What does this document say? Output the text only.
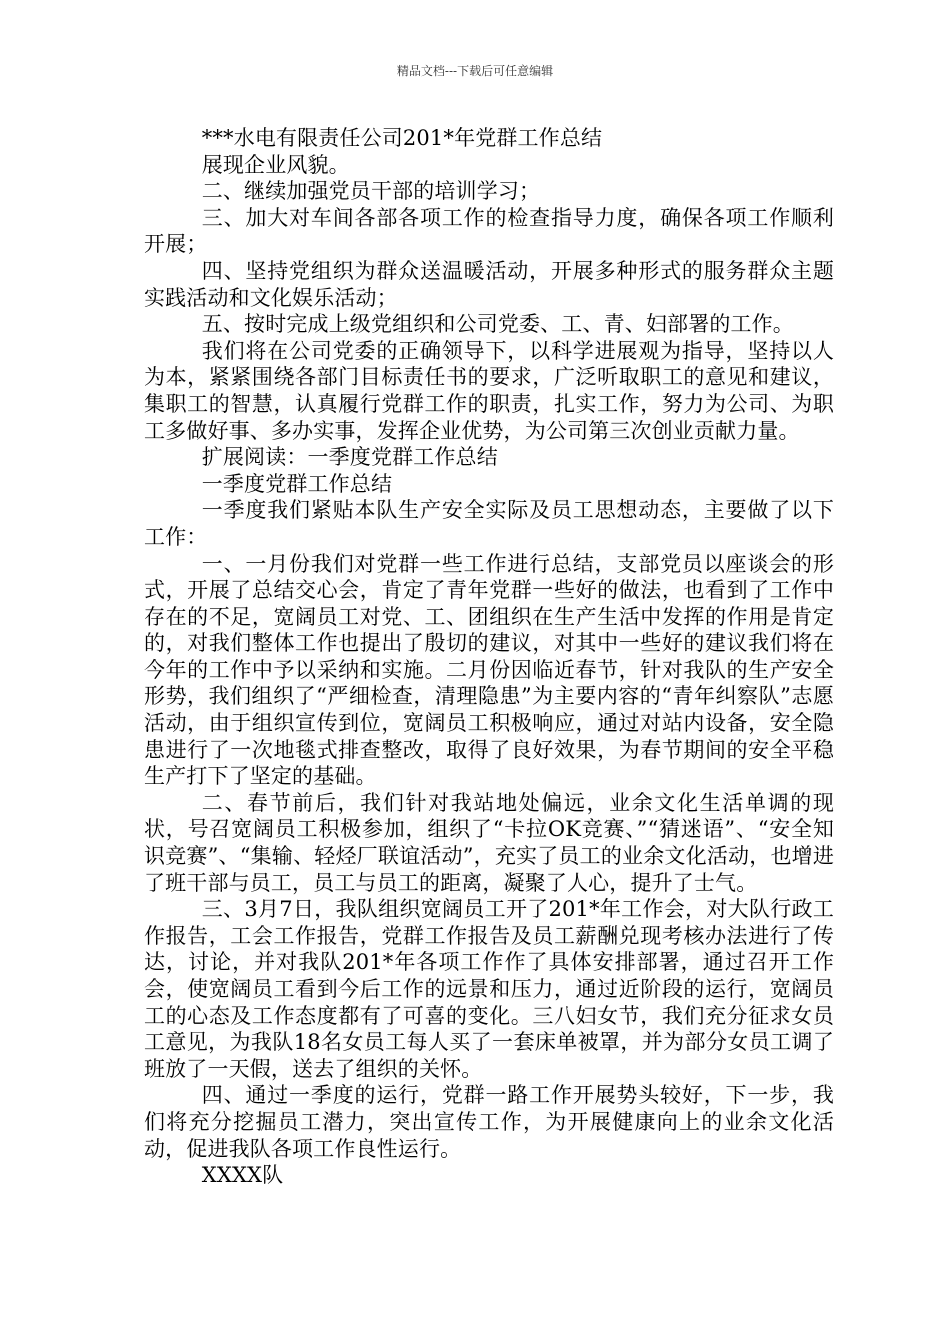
精品文档---下载后可任意编辑

***水电有限责任公司201*年党群工作总结

展现企业风貌。

二、继续加强党员干部的培训学习；

三、加大对车间各部各项工作的检查指导力度，确保各项工作顺利开展；

四、坚持党组织为群众送温暖活动，开展多种形式的服务群众主题实践活动和文化娱乐活动；

五、按时完成上级党组织和公司党委、工、青、妇部署的工作。

我们将在公司党委的正确领导下，以科学进展观为指导，坚持以人为本，紧紧围绕各部门目标责任书的要求，广泛听取职工的意见和建议，集职工的智慧，认真履行党群工作的职责，扎实工作，努力为公司、为职工多做好事、多办实事，发挥企业优势，为公司第三次创业贡献力量。

扩展阅读：一季度党群工作总结

一季度党群工作总结

一季度我们紧贴本队生产安全实际及员工思想动态，主要做了以下工作：

一、一月份我们对党群一些工作进行总结，支部党员以座谈会的形式，开展了总结交心会，肯定了青年党群一些好的做法，也看到了工作中存在的不足，宽阔员工对党、工、团组织在生产生活中发挥的作用是肯定的，对我们整体工作也提出了殷切的建议，对其中一些好的建议我们将在今年的工作中予以采纳和实施。二月份因临近春节，针对我队的生产安全形势，我们组织了“严细检查，清理隐患”为主要内容的“青年纠察队”志愿活动，由于组织宣传到位，宽阔员工积极响应，通过对站内设备，安全隐患进行了一次地毯式排查整改，取得了良好效果，为春节期间的安全平稳生产打下了坚定的基础。

二、春节前后，我们针对我站地处偏远，业余文化生活单调的现状，号召宽阔员工积极参加，组织了“卡拉OK竞赛、”“猜迷语”、“安全知识竞赛”、“集输、轻烃厂联谊活动”，充实了员工的业余文化活动，也增进了班干部与员工，员工与员工的距离，凝聚了人心，提升了士气。

三、3月7日，我队组织宽阔员工开了201*年工作会，对大队行政工作报告，工会工作报告，党群工作报告及员工薪酬兑现考核办法进行了传达，讨论，并对我队201*年各项工作作了具体安排部署，通过召开工作会，使宽阔员工看到今后工作的远景和压力，通过近阶段的运行，宽阔员工的心态及工作态度都有了可喜的变化。三八妇女节，我们充分征求女员工意见，为我队18名女员工每人买了一套床单被罩，并为部分女员工调了班放了一天假，送去了组织的关怀。

四、通过一季度的运行，党群一路工作开展势头较好，下一步，我们将充分挖掘员工潜力，突出宣传工作，为开展健康向上的业余文化活动，促进我队各项工作良性运行。

XXXX队
